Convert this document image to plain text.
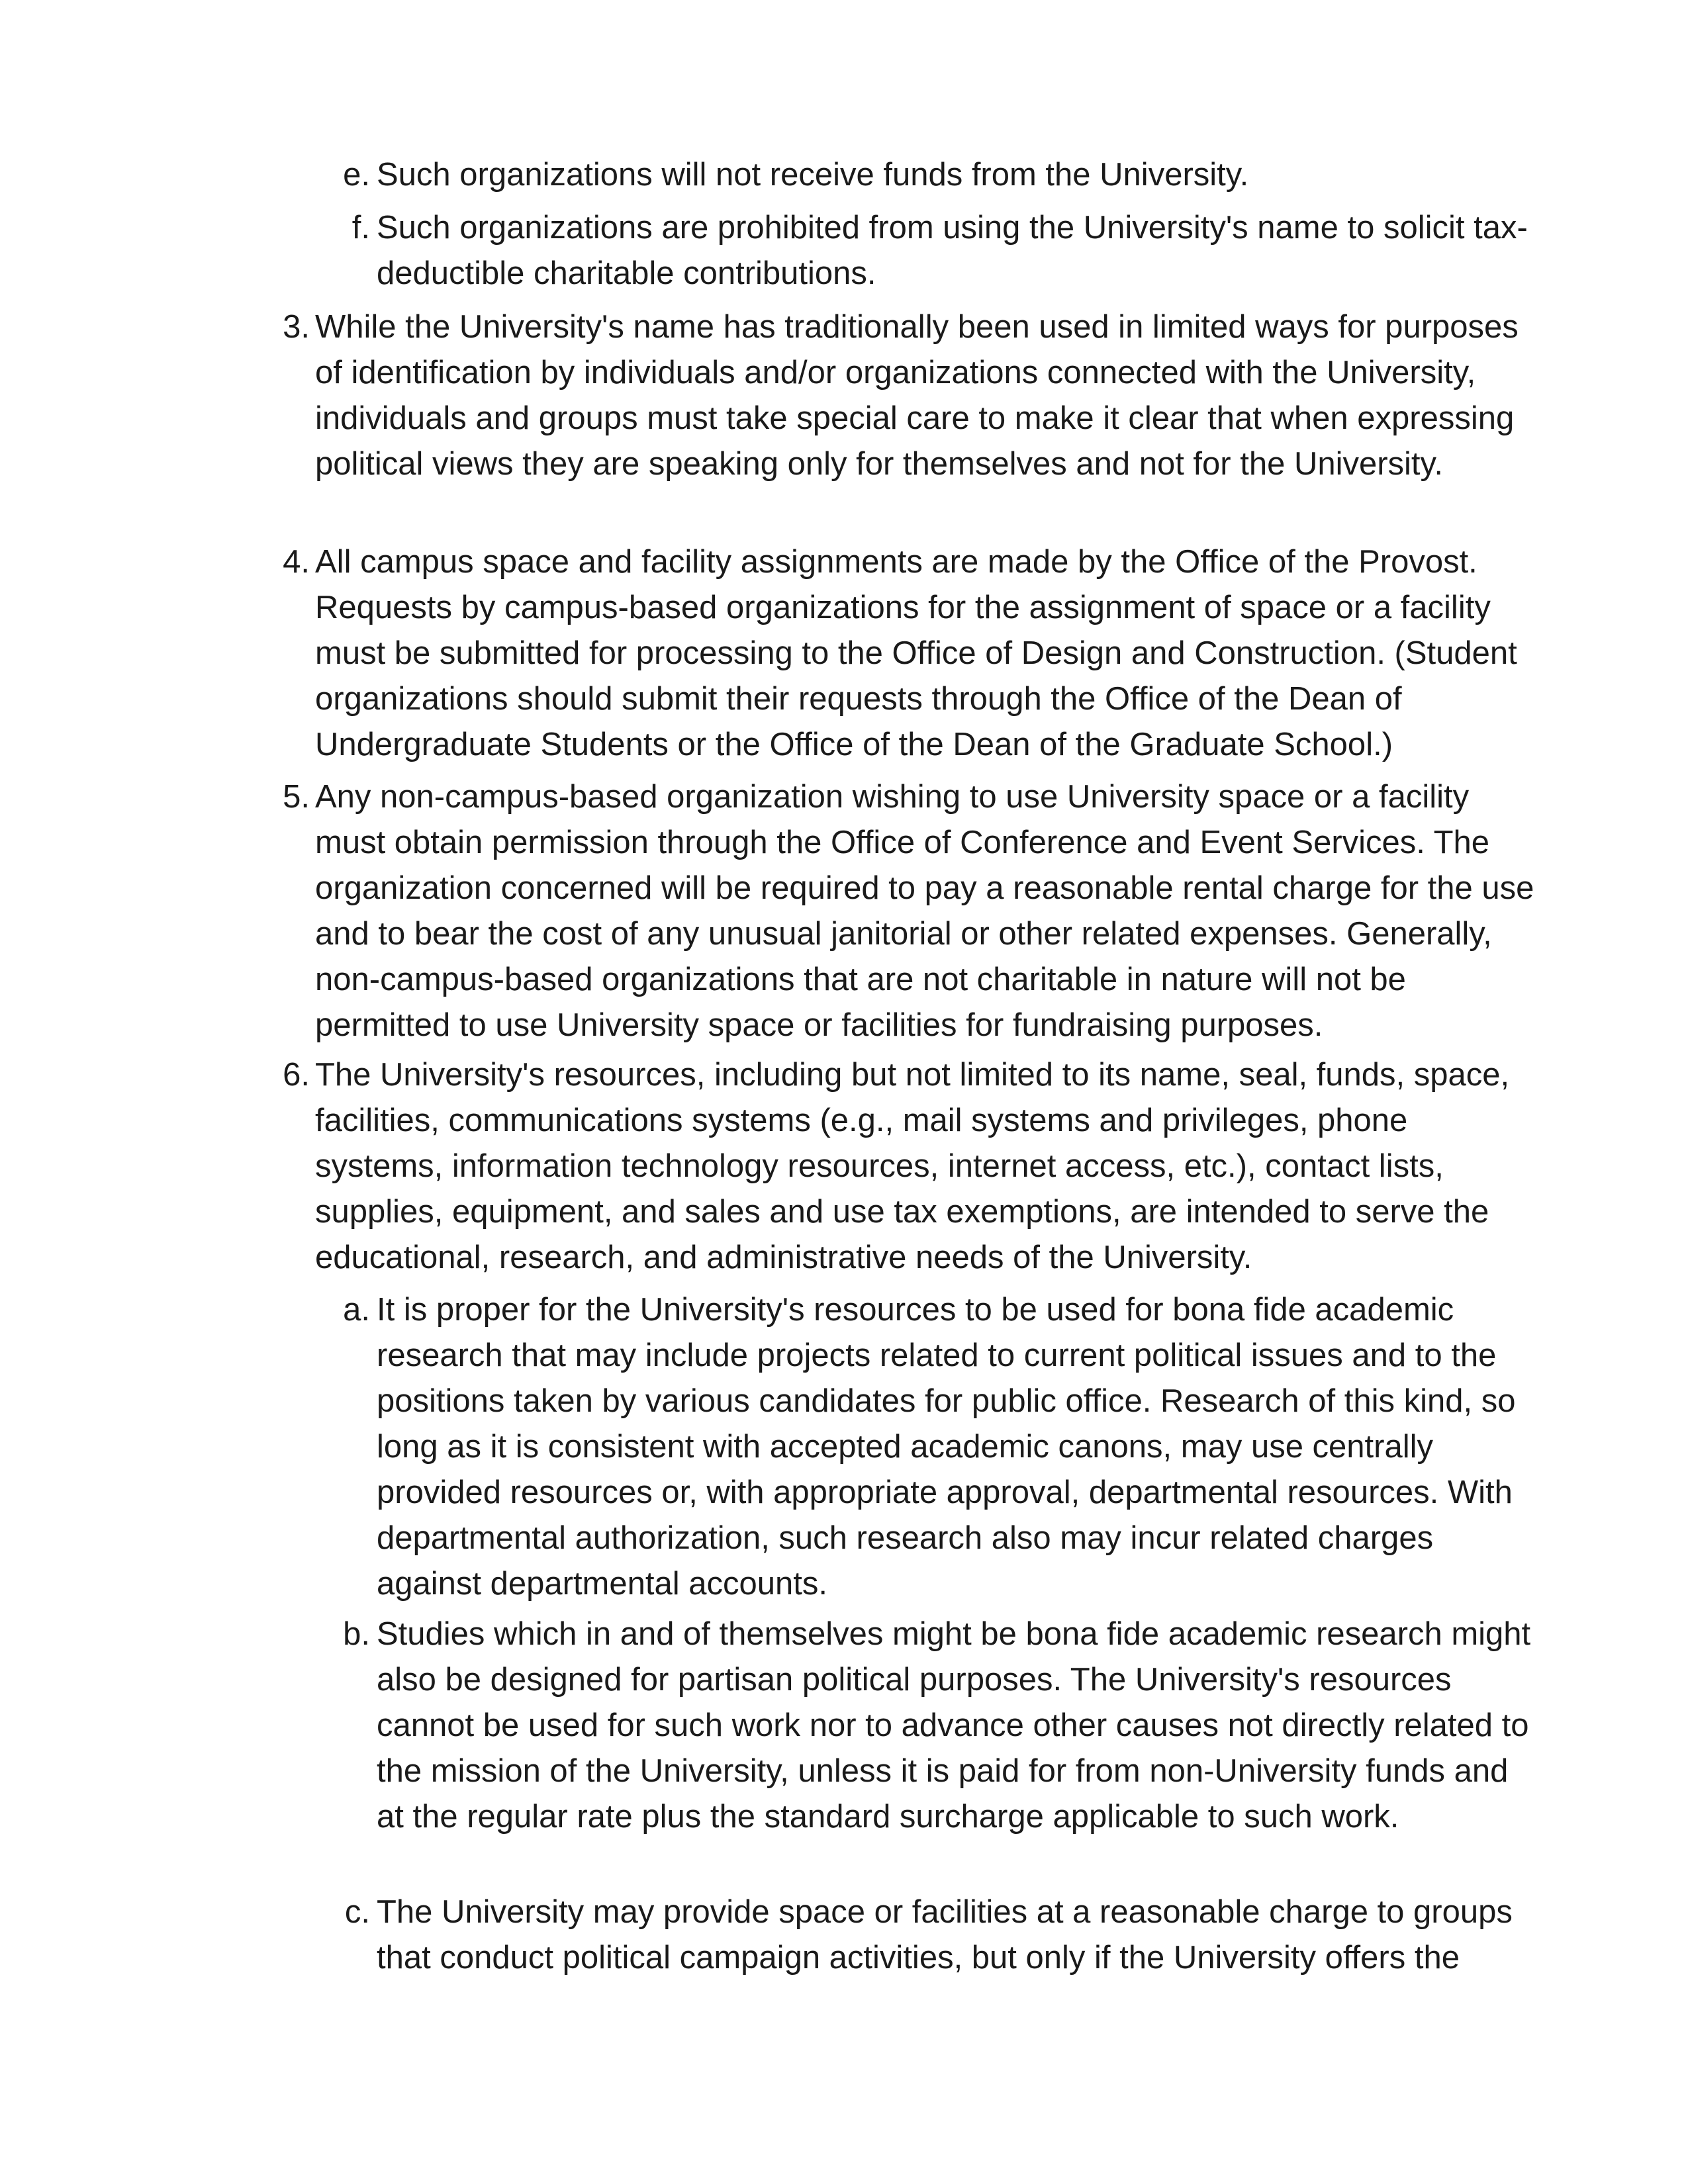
e. Such organizations will not receive funds from the University.
f. Such organizations are prohibited from using the University's name to solicit tax-deductible charitable contributions.
3. While the University's name has traditionally been used in limited ways for purposes of identification by individuals and/or organizations connected with the University, individuals and groups must take special care to make it clear that when expressing political views they are speaking only for themselves and not for the University.
4. All campus space and facility assignments are made by the Office of the Provost. Requests by campus-based organizations for the assignment of space or a facility must be submitted for processing to the Office of Design and Construction. (Student organizations should submit their requests through the Office of the Dean of Undergraduate Students or the Office of the Dean of the Graduate School.)
5. Any non-campus-based organization wishing to use University space or a facility must obtain permission through the Office of Conference and Event Services. The organization concerned will be required to pay a reasonable rental charge for the use and to bear the cost of any unusual janitorial or other related expenses. Generally, non-campus-based organizations that are not charitable in nature will not be permitted to use University space or facilities for fundraising purposes.
6. The University's resources, including but not limited to its name, seal, funds, space, facilities, communications systems (e.g., mail systems and privileges, phone systems, information technology resources, internet access, etc.), contact lists, supplies, equipment, and sales and use tax exemptions, are intended to serve the educational, research, and administrative needs of the University.
a. It is proper for the University's resources to be used for bona fide academic research that may include projects related to current political issues and to the positions taken by various candidates for public office. Research of this kind, so long as it is consistent with accepted academic canons, may use centrally provided resources or, with appropriate approval, departmental resources. With departmental authorization, such research also may incur related charges against departmental accounts.
b. Studies which in and of themselves might be bona fide academic research might also be designed for partisan political purposes. The University's resources cannot be used for such work nor to advance other causes not directly related to the mission of the University, unless it is paid for from non-University funds and at the regular rate plus the standard surcharge applicable to such work.
c. The University may provide space or facilities at a reasonable charge to groups that conduct political campaign activities, but only if the University offers the
